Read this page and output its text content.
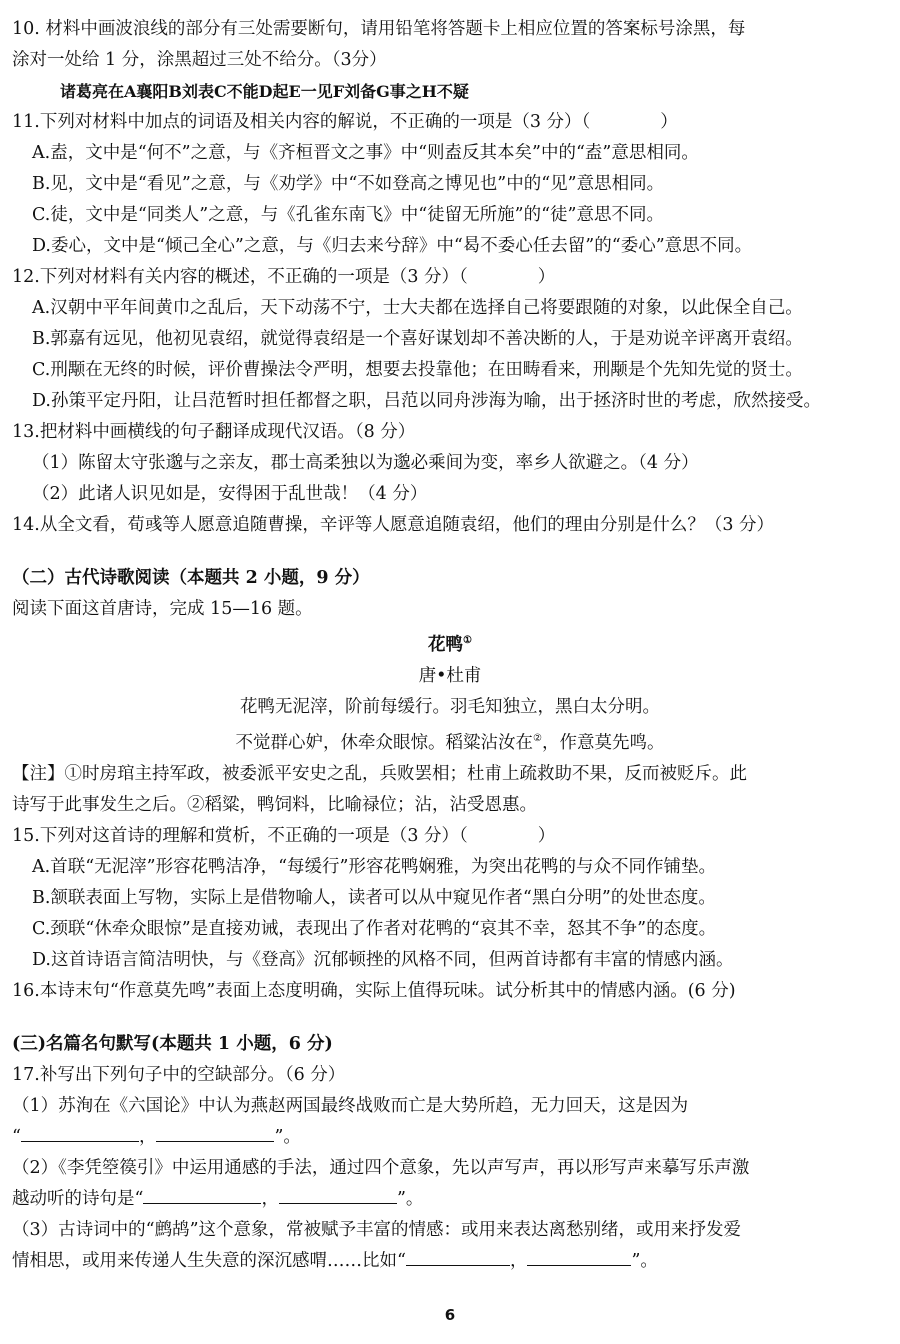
10. 材料中画波浪线的部分有三处需要断句，请用铅笔将答题卡上相应位置的答案标号涂黑，每
涂对一处给 1 分，涂黑超过三处不给分。（3分）
诸葛亮在A襄阳B刘表C不能D起E一见F刘备G事之H不疑
11.下列对材料中加点的词语及相关内容的解说，不正确的一项是（3 分）（　　　　）
A.盍，文中是“何不”之意，与《齐桓晋文之事》中“则盍反其本矣”中的“盍”意思相同。
B.见，文中是“看见”之意，与《劝学》中“不如登高之博见也”中的“见”意思相同。
C.徒，文中是“同类人”之意，与《孔雀东南飞》中“徒留无所施”的“徒”意思不同。
D.委心，文中是“倾己全心”之意，与《归去来兮辞》中“曷不委心任去留”的“委心”意思不同。
12.下列对材料有关内容的概述，不正确的一项是（3 分）（　　　　）
A.汉朝中平年间黄巾之乱后，天下动荡不宁，士大夫都在选择自己将要跟随的对象，以此保全自己。
B.郭嘉有远见，他初见袁绍，就觉得袁绍是一个喜好谋划却不善决断的人，于是劝说辛评离开袁绍。
C.刑颙在无终的时候，评价曹操法令严明，想要去投靠他；在田畴看来，刑颙是个先知先觉的贤士。
D.孙策平定丹阳，让吕范暂时担任都督之职，吕范以同舟涉海为喻，出于拯济时世的考虑，欣然接受。
13.把材料中画横线的句子翻译成现代汉语。（8 分）
（1）陈留太守张邈与之亲友，郡士高柔独以为邈必乘间为变，率乡人欲避之。（4 分）
（2）此诸人识见如是，安得困于乱世哉！（4 分）
14.从全文看，荀彧等人愿意追随曹操，辛评等人愿意追随袁绍，他们的理由分别是什么？（3 分）
（二）古代诗歌阅读（本题共 2 小题，9 分）
阅读下面这首唐诗，完成 15—16 题。
花鸭①
唐•杜甫
花鸭无泥滓，阶前每缓行。羽毛知独立，黑白太分明。
不觉群心妒，休牵众眼惊。稻粱沾汝在②，作意莫先鸣。
【注】①时房琯主持军政，被委派平安史之乱，兵败罢相；杜甫上疏救助不果，反而被贬斥。此
诗写于此事发生之后。②稻粱，鸭饲料，比喻禄位；沾，沾受恩惠。
15.下列对这首诗的理解和赏析，不正确的一项是（3 分）（　　　　）
A.首联“无泥滓”形容花鸭洁净，“每缓行”形容花鸭娴雅，为突出花鸭的与众不同作铺垫。
B.颔联表面上写物，实际上是借物喻人，读者可以从中窥见作者“黑白分明”的处世态度。
C.颈联“休牵众眼惊”是直接劝诫，表现出了作者对花鸭的“哀其不幸，怒其不争”的态度。
D.这首诗语言简洁明快，与《登高》沉郁顿挫的风格不同，但两首诗都有丰富的情感内涵。
16.本诗末句“作意莫先鸣”表面上态度明确，实际上值得玩味。试分析其中的情感内涵。(6 分)
(三)名篇名句默写(本题共 1 小题，6 分)
17.补写出下列句子中的空缺部分。（6 分）
（1）苏洵在《六国论》中认为燕赵两国最终战败而亡是大势所趋，无力回天，这是因为
“	，	”。
（2）《李凭箜篌引》中运用通感的手法，通过四个意象，先以声写声，再以形写声来摹写乐声激
越动听的诗句是“	，	”。
（3）古诗词中的“鹧鸪”这个意象，常被赋予丰富的情感：或用来表达离愁别绪，或用来抒发爱
情相思，或用来传递人生失意的深沉感喟……比如“	，	”。
6
